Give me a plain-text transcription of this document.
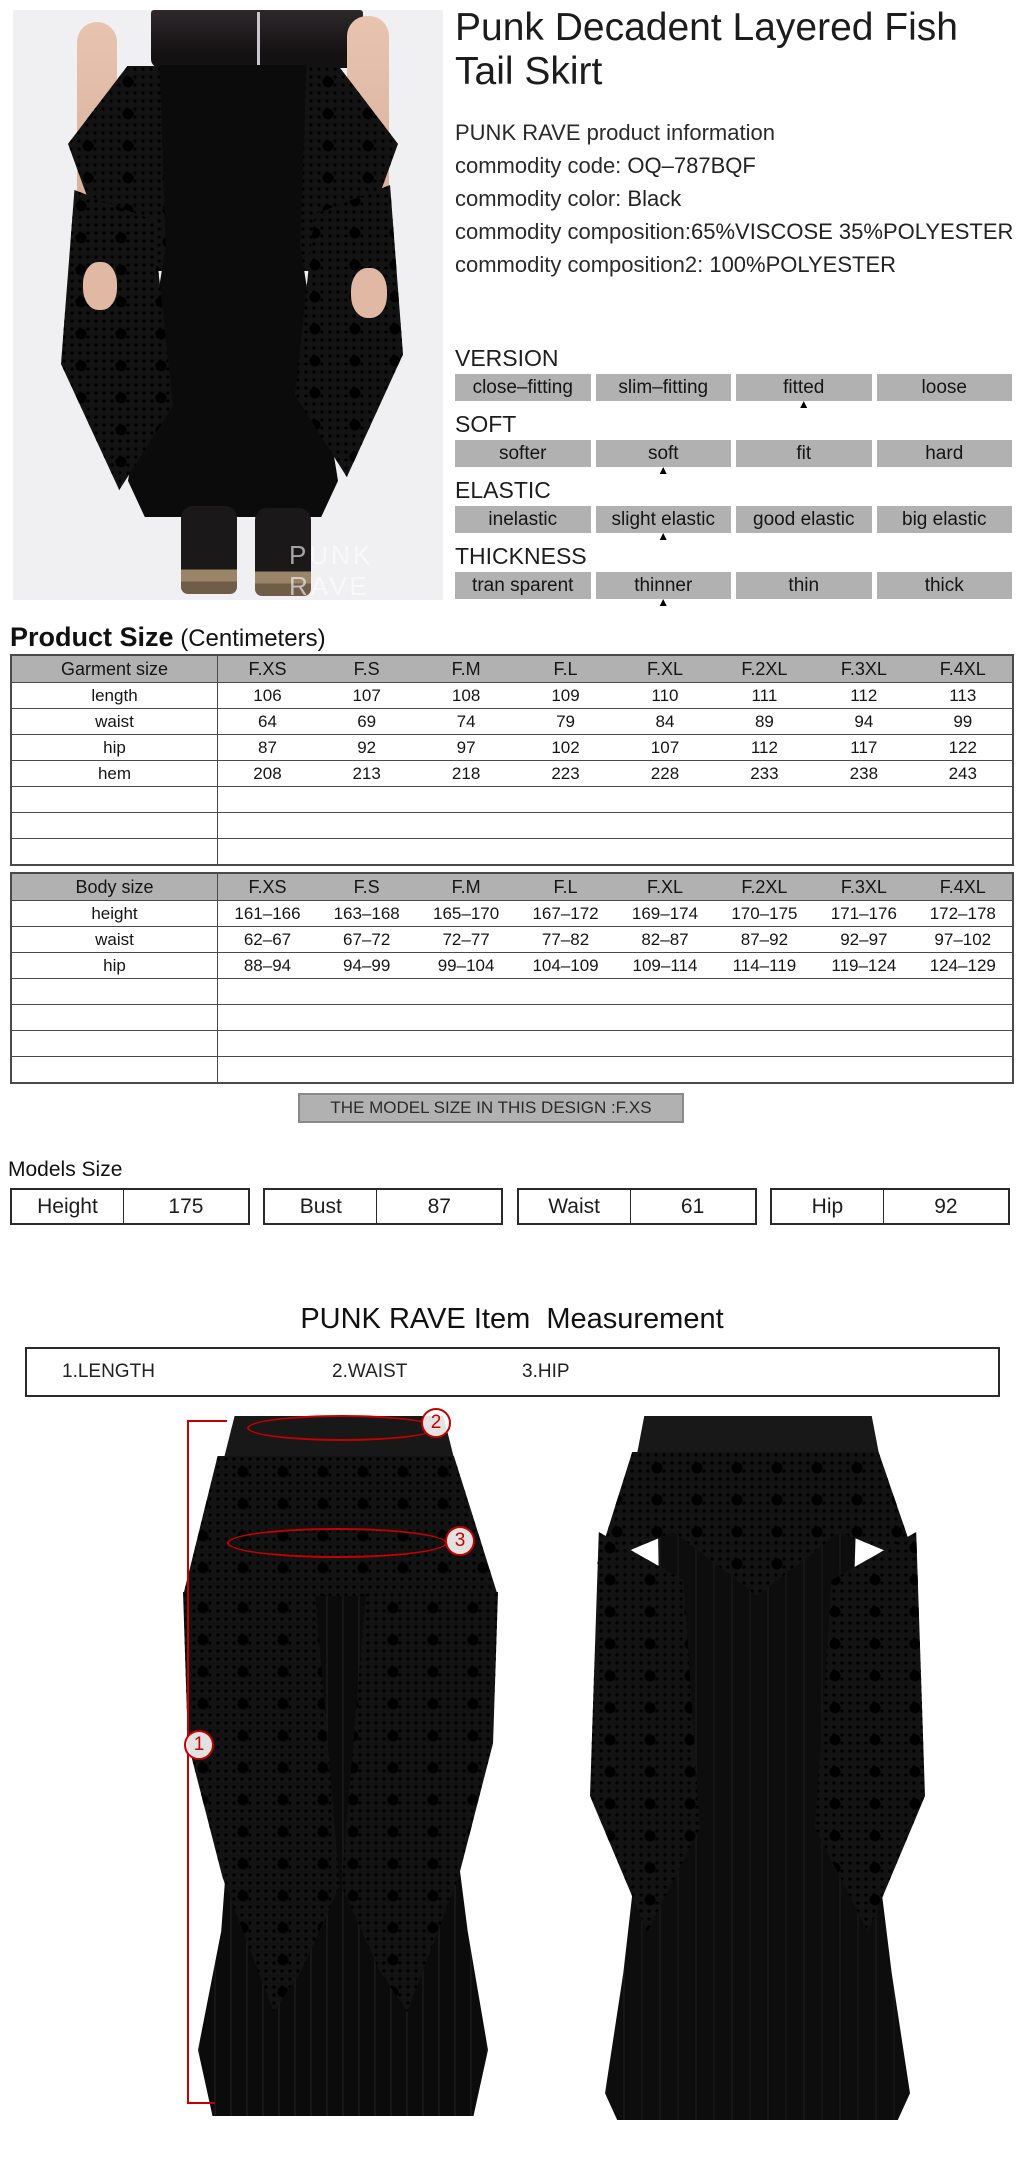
PUNK RAVE
Punk Decadent Layered Fish Tail Skirt
PUNK RAVE product information
commodity code: OQ–787BQF
commodity color: Black
commodity composition:65%VISCOSE 35%POLYESTER
commodity composition2: 100%POLYESTER
VERSION
close–fitting	slim–fitting	fitted	loose
▲
SOFT
softer	soft	fit	hard
▲
ELASTIC
inelastic	slight elastic	good elastic	big elastic
▲
THICKNESS
tran sparent	thinner	thin	thick
▲
Product Size (Centimeters)
Garment size	F.XS	F.S	F.M	F.L	F.XL	F.2XL	F.3XL	F.4XL
length	106	107	108	109	110	111	112	113
waist	64	69	74	79	84	89	94	99
hip	87	92	97	102	107	112	117	122
hem	208	213	218	223	228	233	238	243

Body size	F.XS	F.S	F.M	F.L	F.XL	F.2XL	F.3XL	F.4XL
height	161–166	163–168	165–170	167–172	169–174	170–175	171–176	172–178
waist	62–67	67–72	72–77	77–82	82–87	87–92	92–97	97–102
hip	88–94	94–99	99–104	104–109	109–114	114–119	119–124	124–129

THE MODEL SIZE IN THIS DESIGN :F.XS
Models Size
Height	175	Bust	87	Waist	61	Hip	92
PUNK RAVE Item  Measurement
1.LENGTH	2.WAIST	3.HIP
1
2
3
